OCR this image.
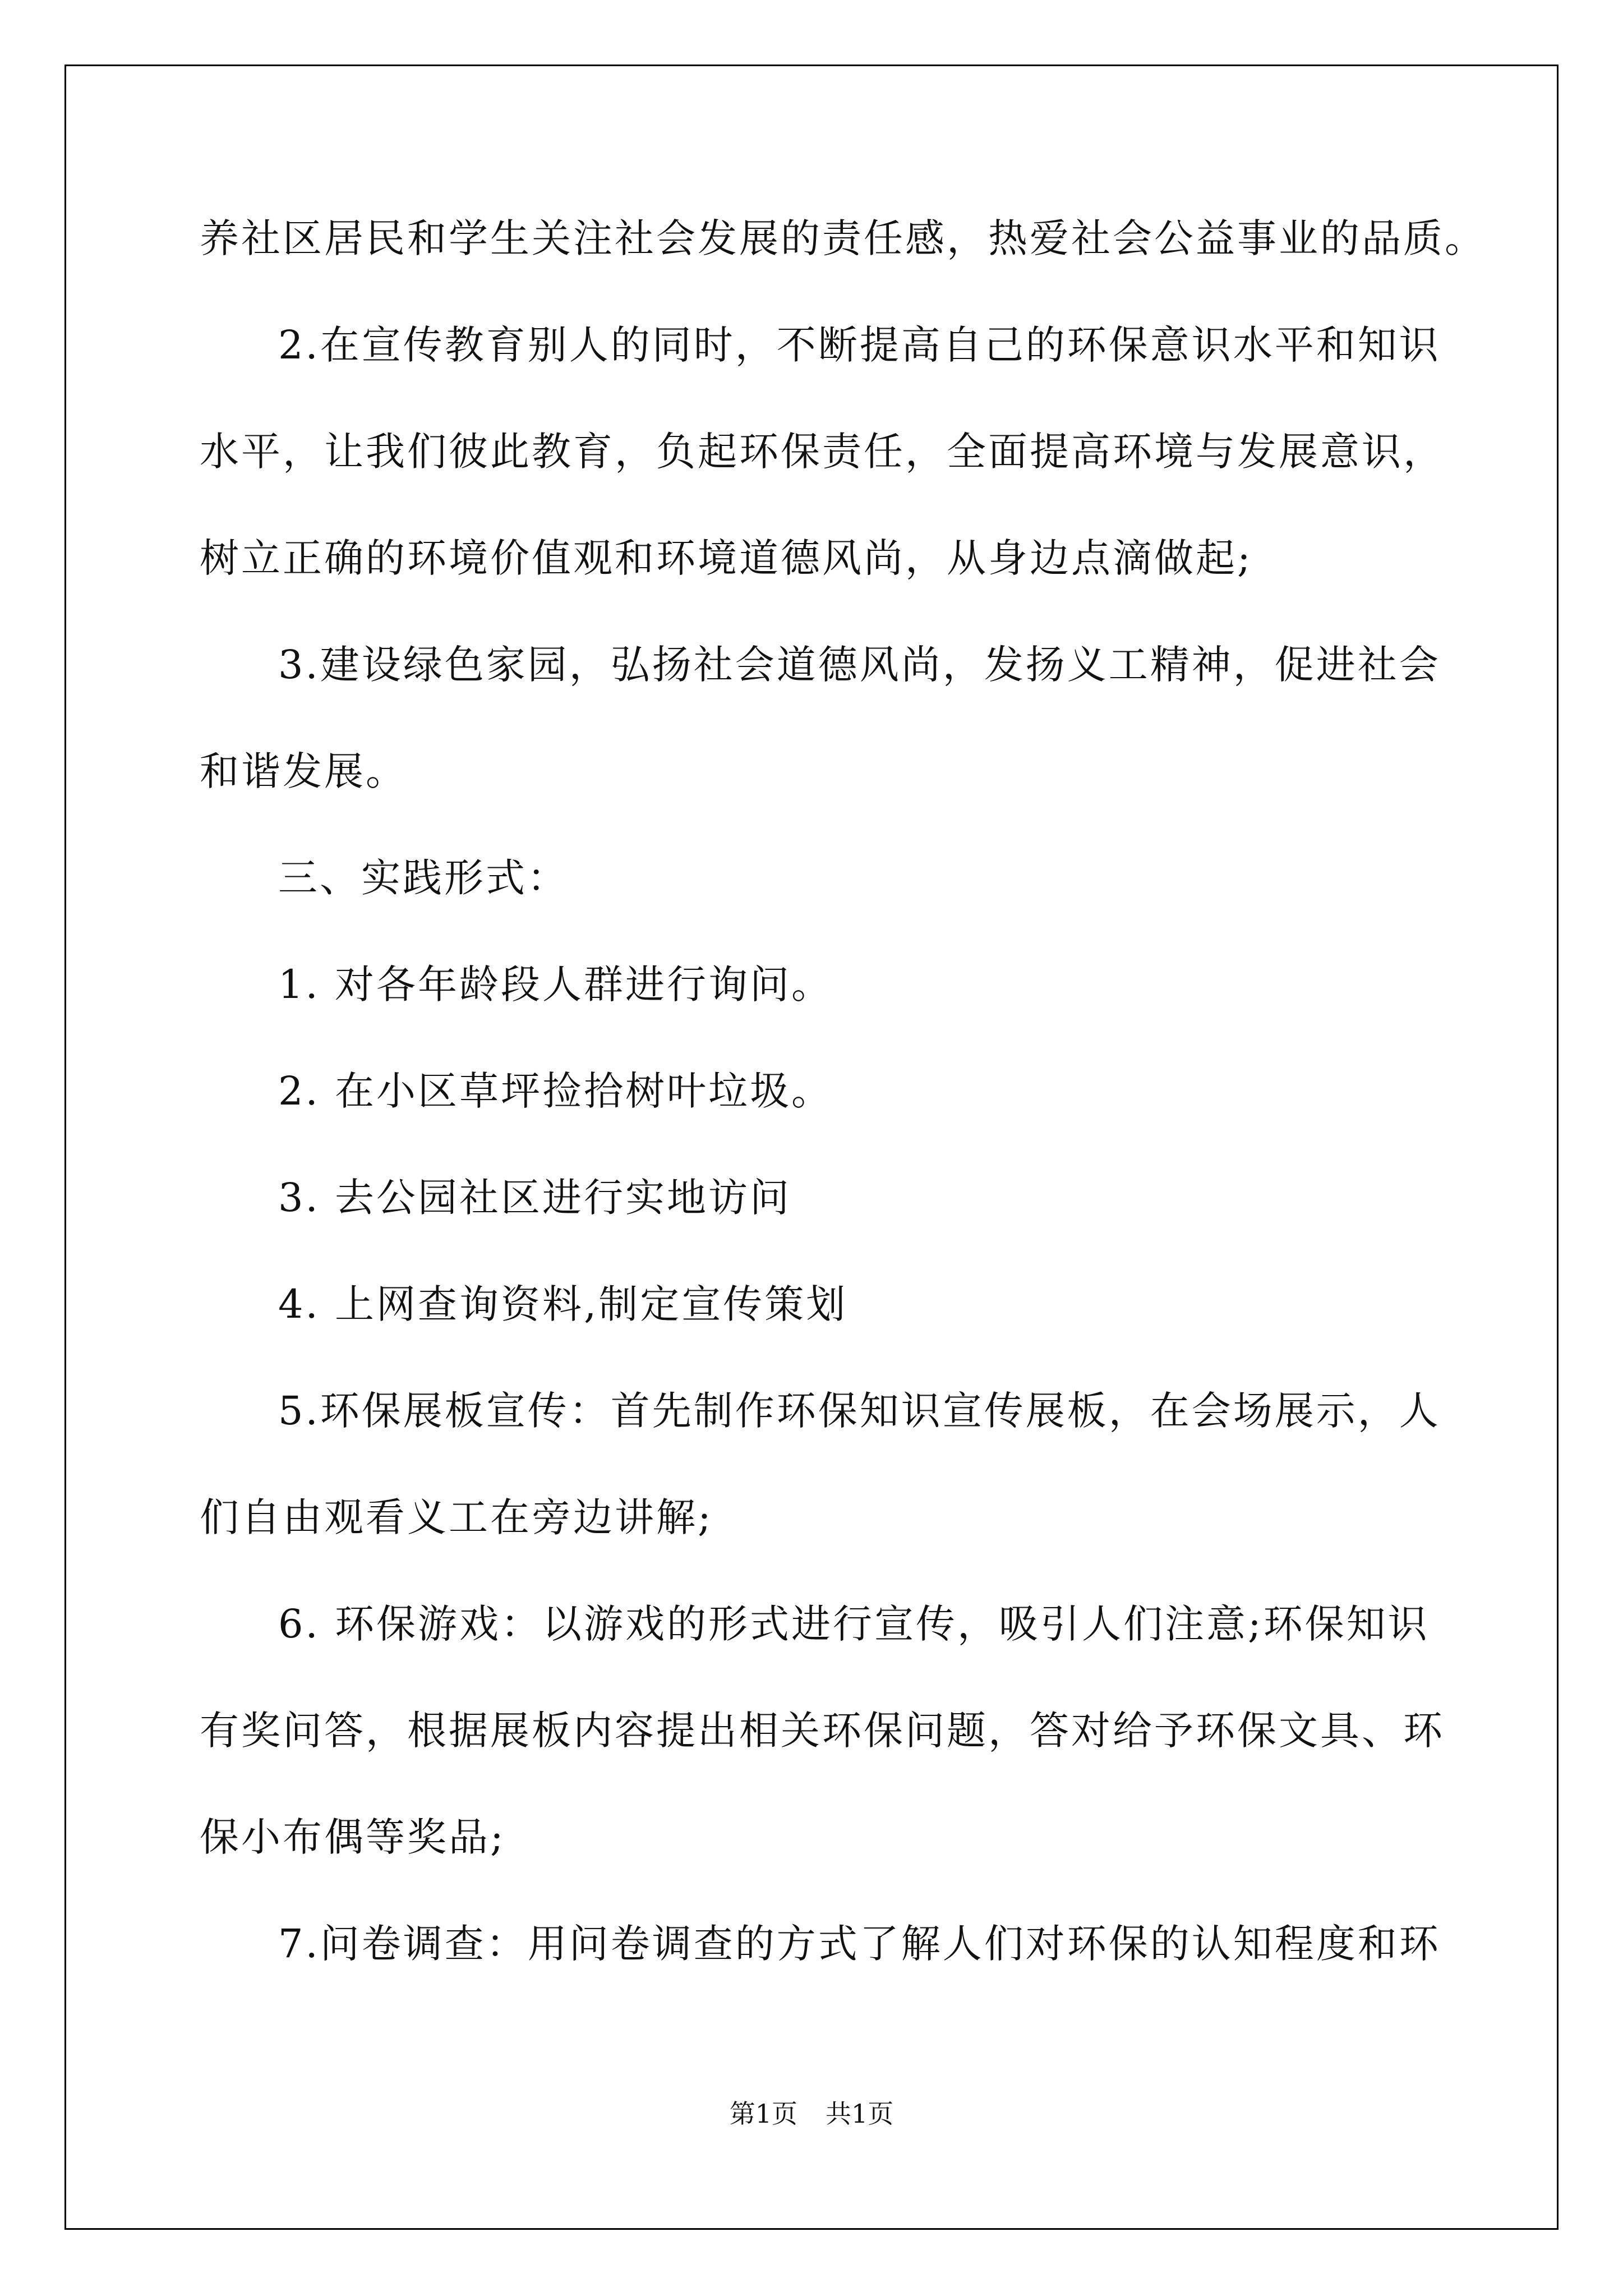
养社区居民和学生关注社会发展的责任感，热爱社会公益事业的品质。
2.在宣传教育别人的同时，不断提高自己的环保意识水平和知识
水平，让我们彼此教育，负起环保责任，全面提高环境与发展意识，
树立正确的环境价值观和环境道德风尚，从身边点滴做起;
3.建设绿色家园，弘扬社会道德风尚，发扬义工精神，促进社会
和谐发展。
三、实践形式：
1. 对各年龄段人群进行询问。
2. 在小区草坪捡拾树叶垃圾。
3. 去公园社区进行实地访问
4. 上网查询资料,制定宣传策划
5.环保展板宣传：首先制作环保知识宣传展板，在会场展示，人
们自由观看义工在旁边讲解;
6. 环保游戏：以游戏的形式进行宣传，吸引人们注意;环保知识
有奖问答，根据展板内容提出相关环保问题，答对给予环保文具、环
保小布偶等奖品;
7.问卷调查：用问卷调查的方式了解人们对环保的认知程度和环
第1页 共1页
